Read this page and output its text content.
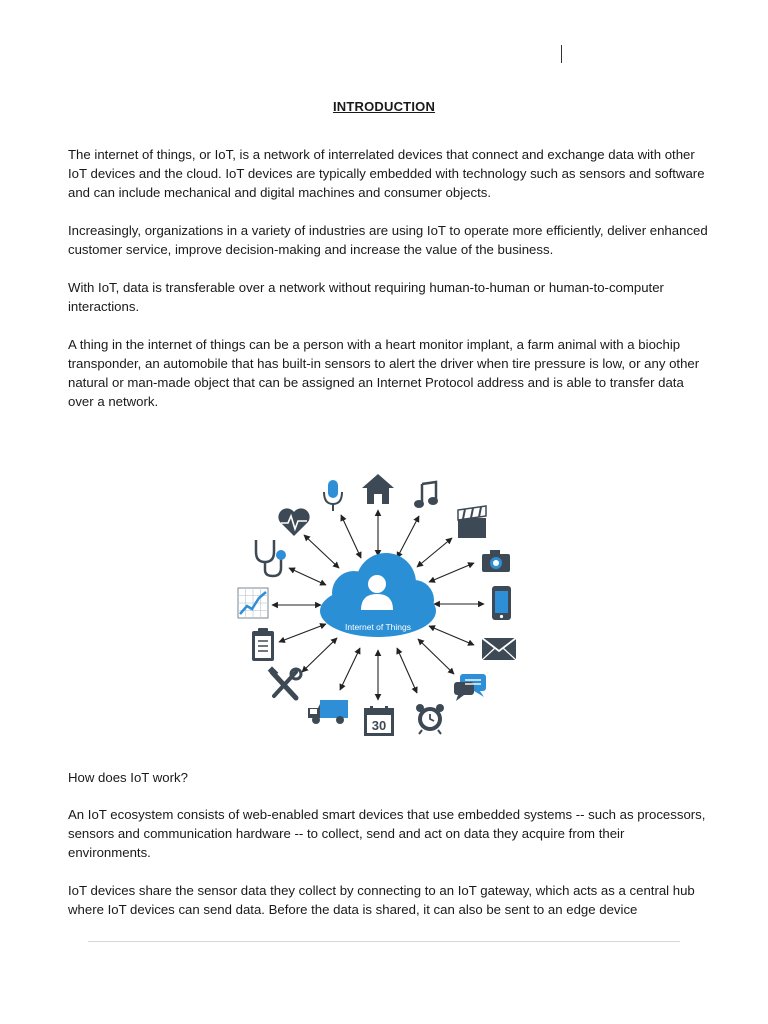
INTRODUCTION

The internet of things, or IoT, is a network of interrelated devices that connect and exchange data with other IoT devices and the cloud. IoT devices are typically embedded with technology such as sensors and software and can include mechanical and digital machines and consumer objects.

Increasingly, organizations in a variety of industries are using IoT to operate more efficiently, deliver enhanced customer service, improve decision-making and increase the value of the business.

With IoT, data is transferable over a network without requiring human-to-human or human-to-computer interactions.

A thing in the internet of things can be a person with a heart monitor implant, a farm animal with a biochip transponder, an automobile that has built-in sensors to alert the driver when tire pressure is low, or any other natural or man-made object that can be assigned an Internet Protocol address and is able to transfer data over a network.

Internet of Things
30

How does IoT work?

An IoT ecosystem consists of web-enabled smart devices that use embedded systems -- such as processors, sensors and communication hardware -- to collect, send and act on data they acquire from their environments.

IoT devices share the sensor data they collect by connecting to an IoT gateway, which acts as a central hub where IoT devices can send data. Before the data is shared, it can also be sent to an edge device
